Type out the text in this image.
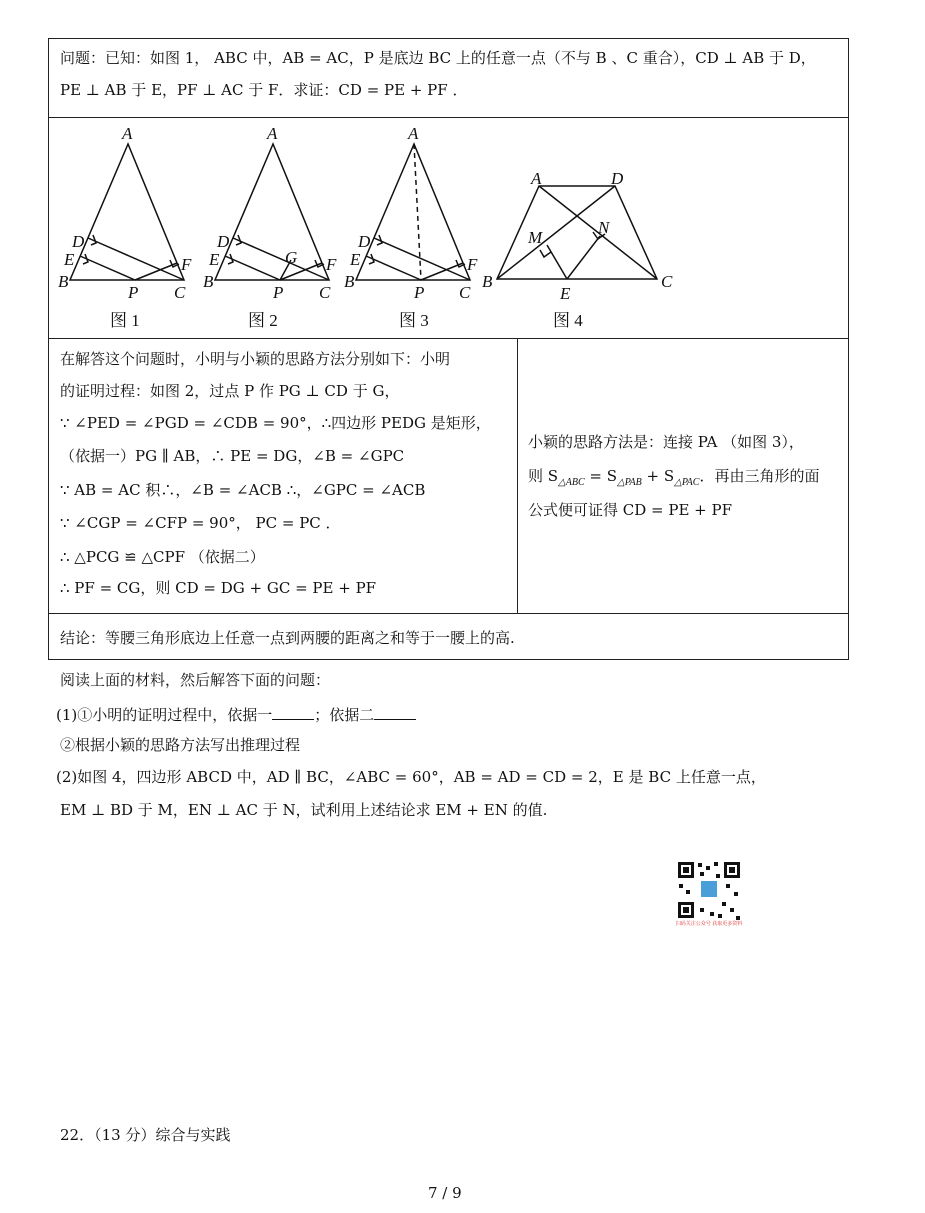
问题：已知：如图 1， ABC 中，AB = AC，P 是底边 BC 上的任意一点（不与 B 、C 重合），CD ⊥ AB 于 D，
PE ⊥ AB 于 E，PF ⊥ AC 于 F．求证：CD = PE + PF ．
A
B
C
D
E	F
P
A
B
C
D
E	F
P
G
A
B
C
D
E	F
P
A	D
B	C
E
M
N
图 1	图 2	图 3	图 4
在解答这个问题时，小明与小颖的思路方法分别如下：小明
的证明过程：如图 2，过点 P 作 PG ⊥ CD 于 G，
∵ ∠PED = ∠PGD = ∠CDB = 90°，∴四边形 PEDG 是矩形，
（依据一）PG ∥ AB，∴ PE = DG，∠B = ∠GPC
∵ AB = AC 积∴，∠B = ∠ACB ∴，∠GPC = ∠ACB
∵ ∠CGP = ∠CFP = 90°， PC = PC ．
∴ △PCG ≌ △CPF （依据二）
∴ PF = CG，则 CD = DG + GC = PE + PF
小颖的思路方法是：连接 PA （如图 3），
则 $S_{\triangle ABC} = S_{\triangle PAB} + S_{\triangle PAC}$．再由三角形的面
公式便可证得 CD = PE + PF
结论：等腰三角形底边上任意一点到两腰的距离之和等于一腰上的高.
阅读上面的材料，然后解答下面的问题：
(1)①小明的证明过程中，依据一	；依据二
②根据小颖的思路方法写出推理过程
(2)如图 4，四边形 ABCD 中，AD ∥ BC，∠ABC = 60°，AB = AD = CD = 2，E 是 BC 上任意一点，
EM ⊥ BD 于 M，EN ⊥ AC 于 N，试利用上述结论求 EM + EN 的值.
扫码关注公众号 获取更多资料
22．（13 分）综合与实践
7 / 9
